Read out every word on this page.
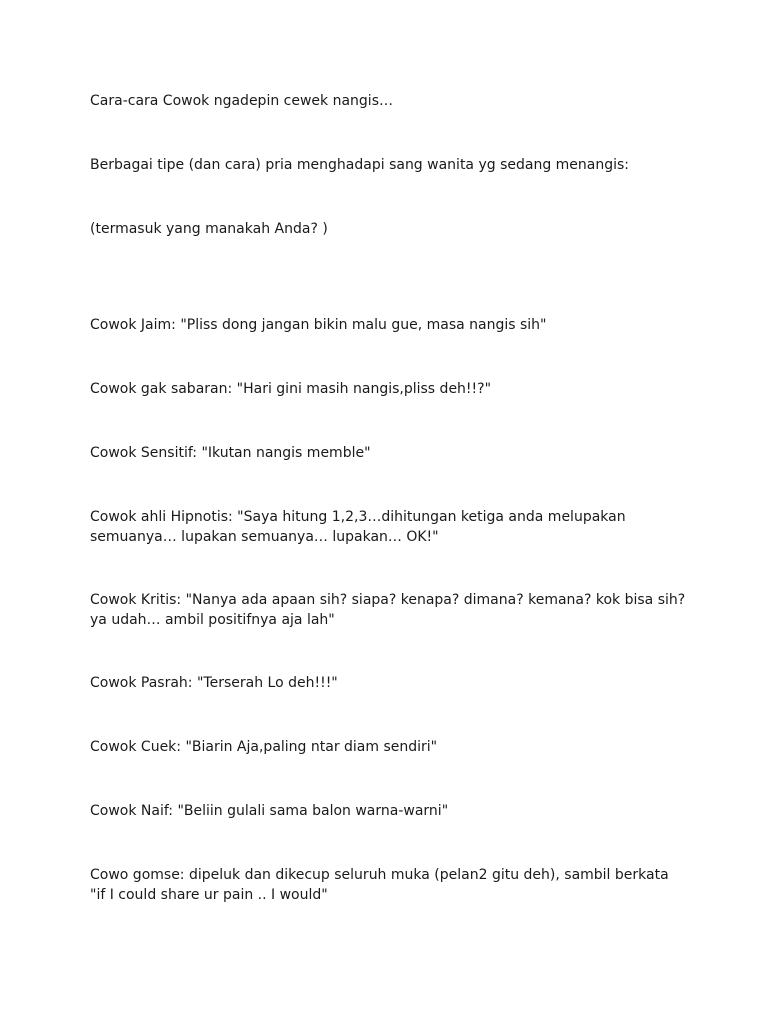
Cara-cara Cowok ngadepin cewek nangis…

Berbagai tipe (dan cara) pria menghadapi sang wanita yg sedang menangis:

(termasuk yang manakah Anda? )

Cowok Jaim: "Pliss dong jangan bikin malu gue, masa nangis sih"

Cowok gak sabaran: "Hari gini masih nangis,pliss deh!!?"

Cowok Sensitif: "Ikutan nangis memble"

Cowok ahli Hipnotis: "Saya hitung 1,2,3…dihitungan ketiga anda melupakan
semuanya… lupakan semuanya… lupakan… OK!"

Cowok Kritis: "Nanya ada apaan sih? siapa? kenapa? dimana? kemana? kok bisa sih?
ya udah… ambil positifnya aja lah"

Cowok Pasrah: "Terserah Lo deh!!!"

Cowok Cuek: "Biarin Aja,paling ntar diam sendiri"

Cowok Naif: "Beliin gulali sama balon warna-warni"

Cowo gomse: dipeluk dan dikecup seluruh muka (pelan2 gitu deh), sambil berkata
"if I could share ur pain .. I would"
